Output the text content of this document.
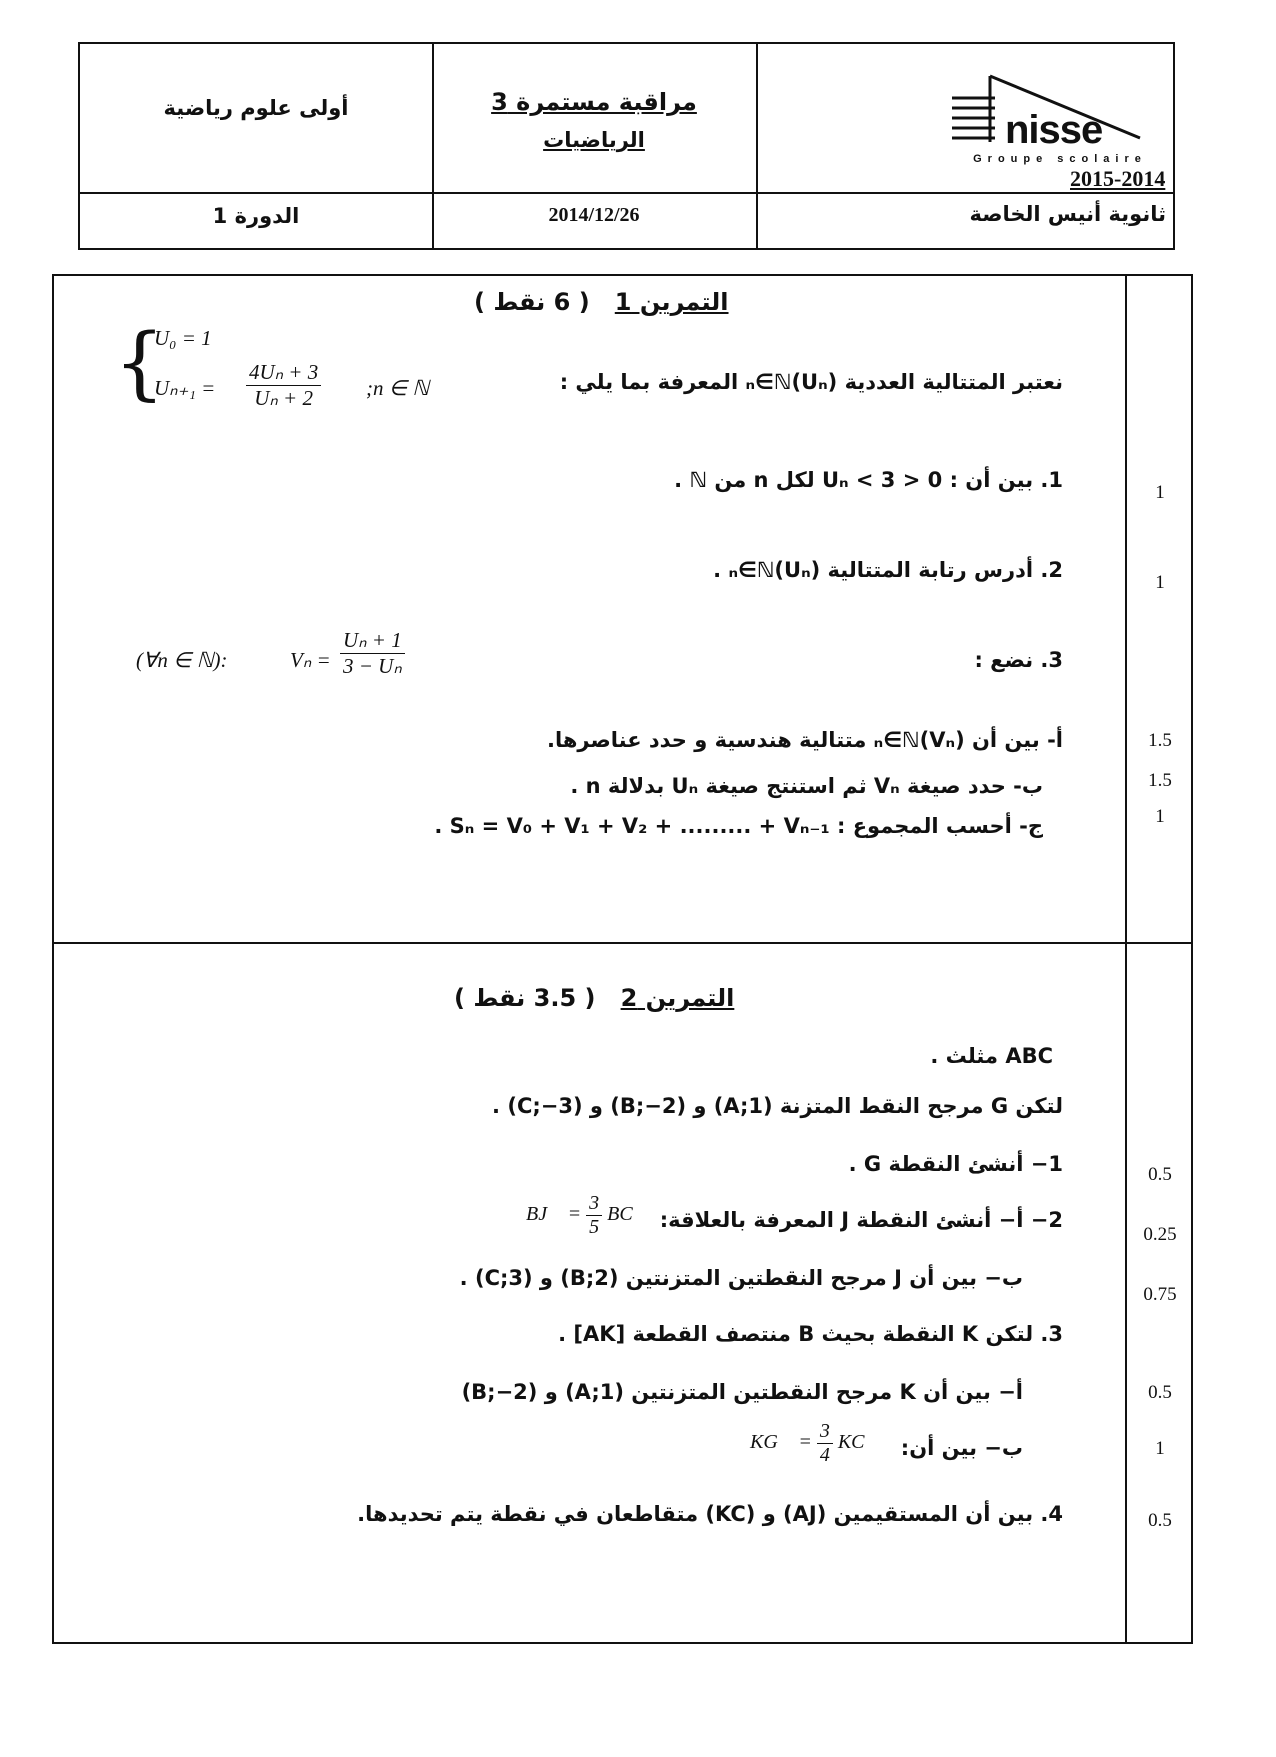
أولى علوم رياضية
الدورة 1
مراقبة مستمرة 3
الرياضيات
2014/12/26
nisse
Groupe scolaire
2015-2014
ثانوية أنيس الخاصة
التمرين 1   ( 6 نقط )
{
U₀ = 1
$U_{n+1} = \frac{\text{4Uₙ + 3}}{\text{Uₙ + 2}}$ ;n ∈ ℕ	نعتبر المتتالية العددية (Uₙ)ₙ∈ℕ المعرفة بما يلي :
1. بين أن : 0 < Uₙ < 3 لكل n من ℕ .
2. أدرس رتابة المتتالية (Uₙ)ₙ∈ℕ .
3. نضع :
(∀n ∈ ℕ):	$V_n = \frac{\text{Uₙ + 1}}{\text{3 − Uₙ}}$
أ- بين أن (Vₙ)ₙ∈ℕ متتالية هندسية و حدد عناصرها.
ب- حدد صيغة Vₙ ثم استنتج صيغة Uₙ بدلالة n .
ج- أحسب المجموع : Sₙ = V₀ + V₁ + V₂ + ......... + Vₙ₋₁ .
1
1
1.5
1.5
1
التمرين 2   ( 3.5 نقط )
ABC مثلث .
لتكن G مرجح النقط المتزنة (A;1) و (B;−2) و (C;−3) .
1− أنشئ النقطة G .
2− أ− أنشئ النقطة J المعرفة بالعلاقة:
BJ⃗ = $\frac{3}{5}$ BC⃗
ب− بين أن J مرجح النقطتين المتزنتين (B;2) و (C;3) .
3. لتكن K النقطة بحيث B منتصف القطعة [AK] .
أ− بين أن K مرجح النقطتين المتزنتين (A;1) و (B;−2)
ب− بين أن:
KG⃗ = $\frac{3}{4}$ KC⃗
4. بين أن المستقيمين (AJ) و (KC) متقاطعان في نقطة يتم تحديدها.
0.5
0.25
0.75
0.5
1
0.5
